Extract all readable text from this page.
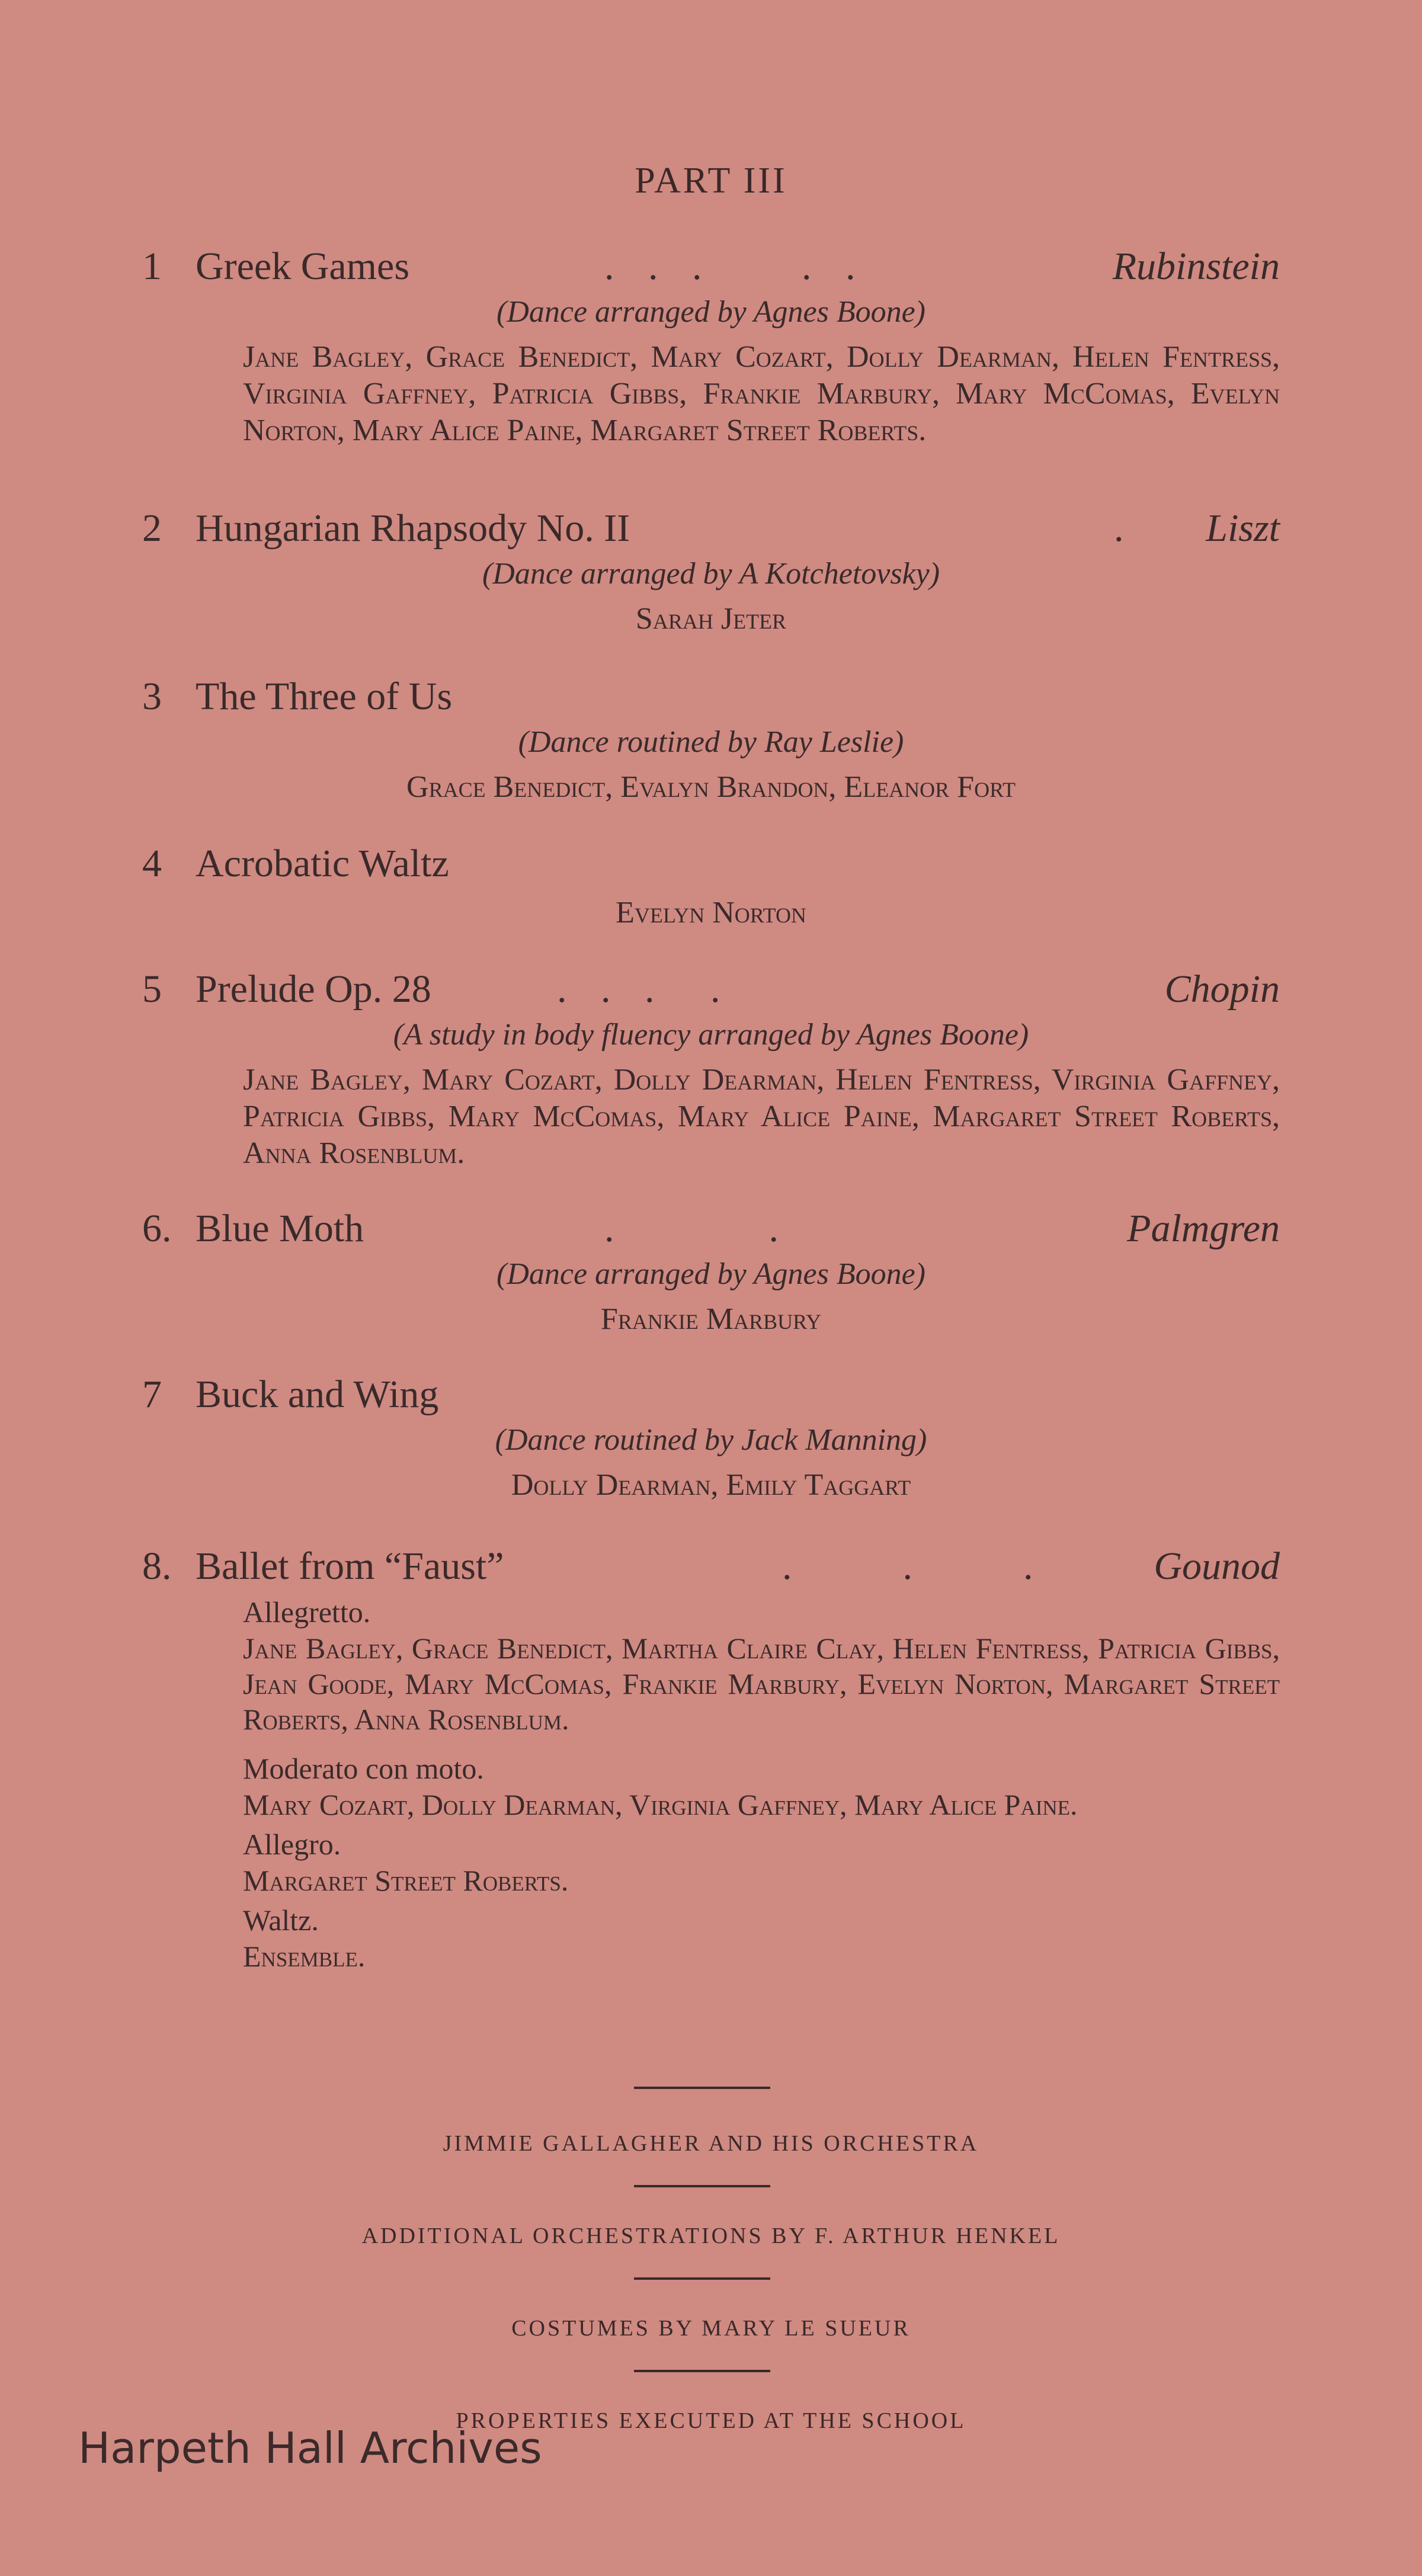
PART III
1 Greek Games	.   .   .         .   .	Rubinstein
(Dance arranged by Agnes Boone)
Jane Bagley, Grace Benedict, Mary Cozart, Dolly Dearman, Helen Fentress, Virginia Gaffney, Patricia Gibbs, Frankie Marbury, Mary McComas, Evelyn Norton, Mary Alice Paine, Margaret Street Roberts.
2 Hungarian Rhapsody No. II	. Liszt
(Dance arranged by A Kotchetovsky)
Sarah Jeter
3 The Three of Us
(Dance routined by Ray Leslie)
Grace Benedict, Evalyn Brandon, Eleanor Fort
4 Acrobatic Waltz
Evelyn Norton
5 Prelude Op. 28	.   .   .     .	Chopin
(A study in body fluency arranged by Agnes Boone)
Jane Bagley, Mary Cozart, Dolly Dearman, Helen Fentress, Virginia Gaffney, Patricia Gibbs, Mary McComas, Mary Alice Paine, Margaret Street Roberts, Anna Rosenblum.
6. Blue Moth	.              .	Palmgren
(Dance arranged by Agnes Boone)
Frankie Marbury
7 Buck and Wing
(Dance routined by Jack Manning)
Dolly Dearman, Emily Taggart
8. Ballet from “Faust”	.          .          .	Gounod
Allegretto.
Jane Bagley, Grace Benedict, Martha Claire Clay, Helen Fentress, Patricia Gibbs, Jean Goode, Mary McComas, Frankie Marbury, Evelyn Norton, Margaret Street Roberts, Anna Rosenblum.
Moderato con moto.
Mary Cozart, Dolly Dearman, Virginia Gaffney, Mary Alice Paine.
Allegro.
Margaret Street Roberts.
Waltz.
Ensemble.
JIMMIE GALLAGHER AND HIS ORCHESTRA
ADDITIONAL ORCHESTRATIONS BY F. ARTHUR HENKEL
COSTUMES BY MARY LE SUEUR
PROPERTIES EXECUTED AT THE SCHOOL
Harpeth Hall Archives
